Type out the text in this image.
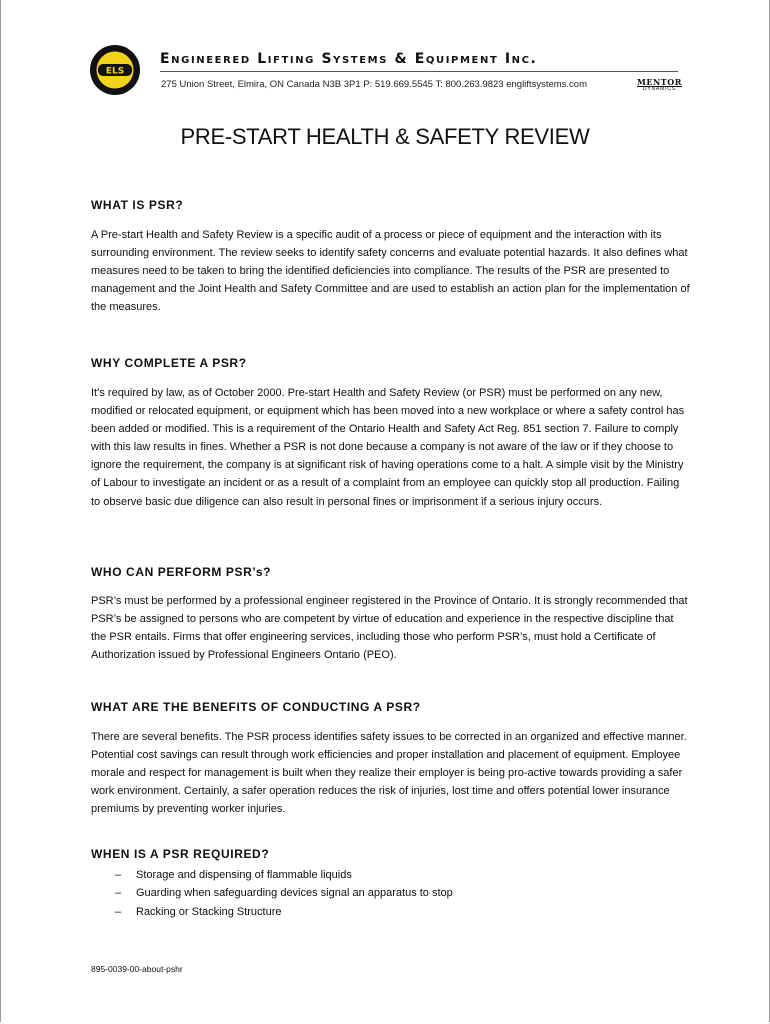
ELS
Engineered Lifting Systems & Equipment Inc.
275 Union Street, Elmira, ON Canada N3B 3P1 P: 519.669.5545 T: 800.263.9823 engliftsystems.com	MENTOR
DYNAMICS
PRE-START HEALTH & SAFETY REVIEW
WHAT IS PSR?

A Pre-start Health and Safety Review is a specific audit of a process or piece of equipment and the interaction with its surrounding environment. The review seeks to identify safety concerns and evaluate potential hazards. It also defines what measures need to be taken to bring the identified deficiencies into compliance. The results of the PSR are presented to management and the Joint Health and Safety Committee and are used to establish an action plan for the implementation of the measures.

WHY COMPLETE A PSR?

It’s required by law, as of October 2000. Pre-start Health and Safety Review (or PSR) must be performed on any new, modified or relocated equipment, or equipment which has been moved into a new workplace or where a safety control has been added or modified. This is a requirement of the Ontario Health and Safety Act Reg. 851 section 7. Failure to comply with this law results in fines. Whether a PSR is not done because a company is not aware of the law or if they choose to ignore the requirement, the company is at significant risk of having operations come to a halt. A simple visit by the Ministry of Labour to investigate an incident or as a result of a complaint from an employee can quickly stop all production. Failing to observe basic due diligence can also result in personal fines or imprisonment if a serious injury occurs.

WHO CAN PERFORM PSR’s?

PSR’s must be performed by a professional engineer registered in the Province of Ontario. It is strongly recommended that PSR’s be assigned to persons who are competent by virtue of education and experience in the respective discipline that the PSR entails. Firms that offer engineering services, including those who perform PSR’s, must hold a Certificate of Authorization issued by Professional Engineers Ontario (PEO).

WHAT ARE THE BENEFITS OF CONDUCTING A PSR?

There are several benefits. The PSR process identifies safety issues to be corrected in an organized and effective manner. Potential cost savings can result through work efficiencies and proper installation and placement of equipment. Employee morale and respect for management is built when they realize their employer is being pro-active towards providing a safer work environment. Certainly, a safer operation reduces the risk of injuries, lost time and offers potential lower insurance premiums by preventing worker injuries.

WHEN IS A PSR REQUIRED?
– Storage and dispensing of flammable liquids
– Guarding when safeguarding devices signal an apparatus to stop
– Racking or Stacking Structure
895-0039-00-about-pshr
